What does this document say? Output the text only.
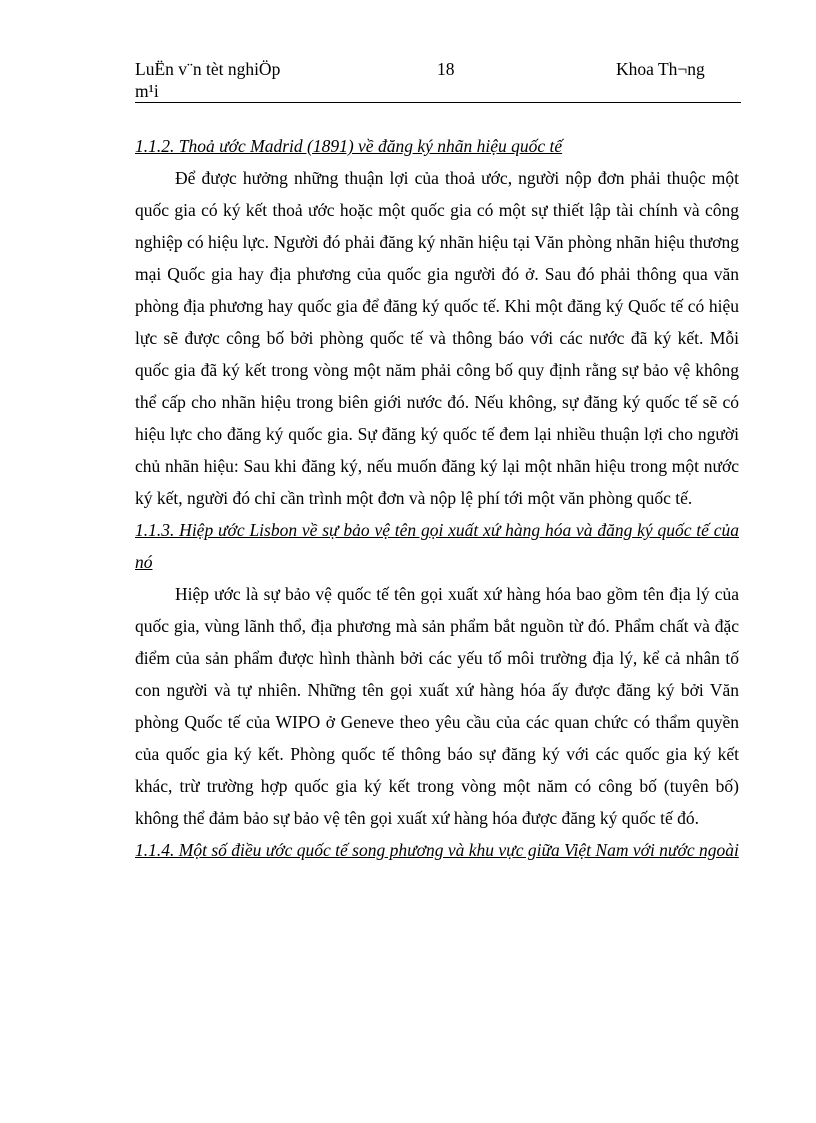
LuËn v¨n tèt nghiÖp
m¹i
18	Khoa Th¬ng

1.1.2. Thoả ước Madrid (1891) về đăng ký nhãn hiệu quốc tế

Để được hưởng những thuận lợi của thoả ước, người nộp đơn phải thuộc một quốc gia có ký kết thoả ước hoặc một quốc gia có một sự thiết lập tài chính và công nghiệp có hiệu lực. Người đó phải đăng ký nhãn hiệu tại Văn phòng nhãn hiệu thương mại Quốc gia hay địa phương của quốc gia người đó ở. Sau đó phải thông qua văn phòng địa phương hay quốc gia để đăng ký quốc tế. Khi một đăng ký Quốc tế có hiệu lực sẽ được công bố bởi phòng quốc tế và thông báo với các nước đã ký kết. Mỗi quốc gia đã ký kết trong vòng một năm phải công bố quy định rằng sự bảo vệ không thể cấp cho nhãn hiệu trong biên giới nước đó. Nếu không, sự đăng ký quốc tế sẽ có hiệu lực cho đăng ký quốc gia. Sự đăng ký quốc tế đem lại nhiều thuận lợi cho người chủ nhãn hiệu: Sau khi đăng ký, nếu muốn đăng ký lại một nhãn hiệu trong một nước ký kết, người đó chỉ cần trình một đơn và nộp lệ phí tới một văn phòng quốc tế.

1.1.3. Hiệp ước Lisbon về sự bảo vệ tên gọi xuất xứ hàng hóa và đăng ký quốc tế của nó

Hiệp ước là sự bảo vệ quốc tế tên gọi xuất xứ hàng hóa bao gồm tên địa lý của quốc gia, vùng lãnh thổ, địa phương mà sản phẩm bắt nguồn từ đó. Phẩm chất và đặc điểm của sản phẩm được hình thành bởi các yếu tố môi trường địa lý, kể cả nhân tố con người và tự nhiên. Những tên gọi xuất xứ hàng hóa ấy được đăng ký bởi Văn phòng Quốc tế của WIPO ở Geneve theo yêu cầu của các quan chức có thẩm quyền của quốc gia ký kết. Phòng quốc tế thông báo sự đăng ký với các quốc gia ký kết khác, trừ trường hợp quốc gia ký kết trong vòng một năm có công bố (tuyên bố) không thể đảm bảo sự bảo vệ tên gọi xuất xứ hàng hóa được đăng ký quốc tế đó.

1.1.4. Một số điều ước quốc tế song phương và khu vực giữa Việt Nam với nước ngoài
